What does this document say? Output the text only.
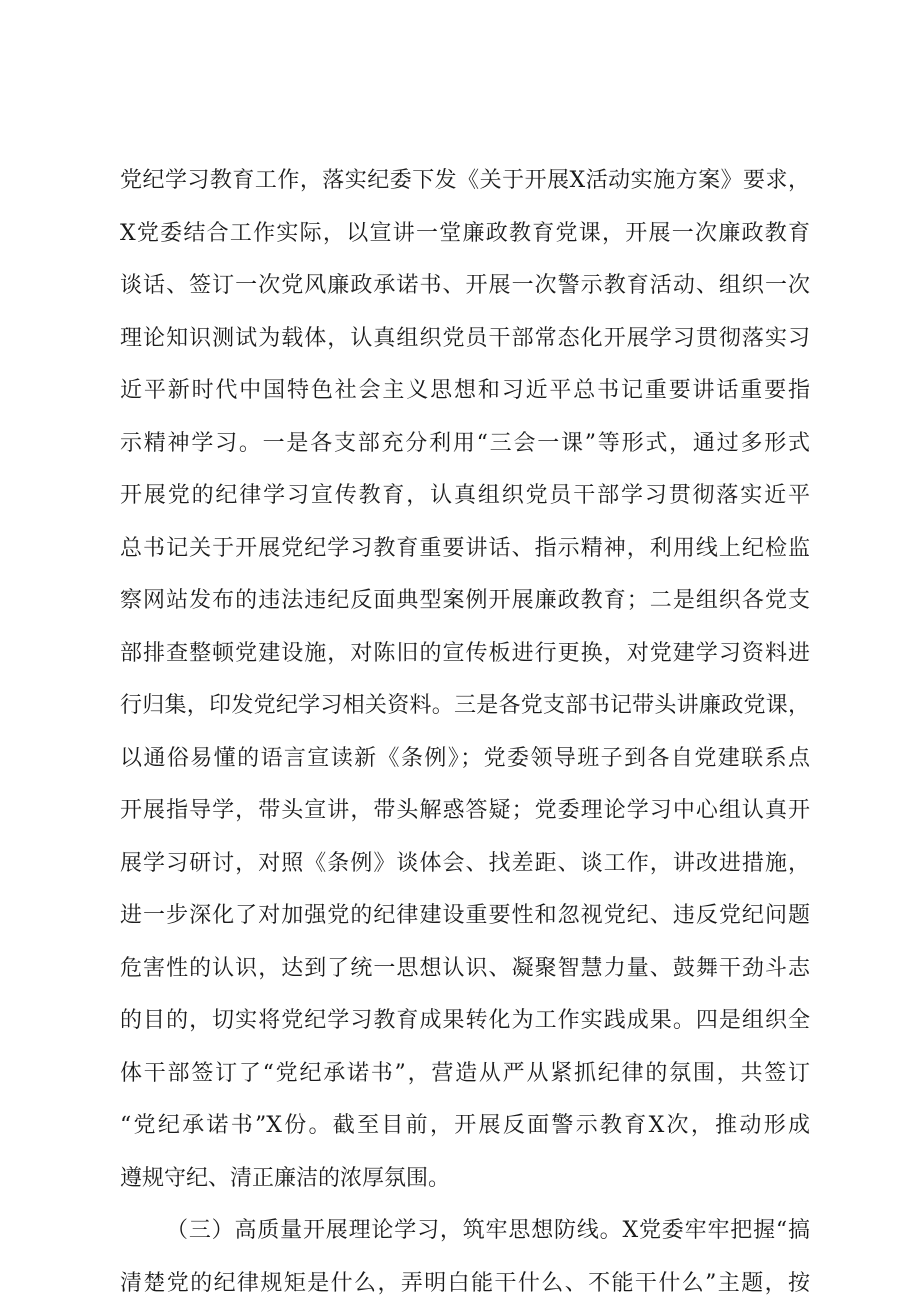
党纪学习教育工作，落实纪委下发《关于开展X活动实施方案》要求，
X党委结合工作实际，以宣讲一堂廉政教育党课，开展一次廉政教育
谈话、签订一次党风廉政承诺书、开展一次警示教育活动、组织一次
理论知识测试为载体，认真组织党员干部常态化开展学习贯彻落实习
近平新时代中国特色社会主义思想和习近平总书记重要讲话重要指
示精神学习。一是各支部充分利用“三会一课”等形式，通过多形式
开展党的纪律学习宣传教育，认真组织党员干部学习贯彻落实近平
总书记关于开展党纪学习教育重要讲话、指示精神，利用线上纪检监
察网站发布的违法违纪反面典型案例开展廉政教育；二是组织各党支
部排查整顿党建设施，对陈旧的宣传板进行更换，对党建学习资料进
行归集，印发党纪学习相关资料。三是各党支部书记带头讲廉政党课，
以通俗易懂的语言宣读新《条例》；党委领导班子到各自党建联系点
开展指导学，带头宣讲，带头解惑答疑；党委理论学习中心组认真开
展学习研讨，对照《条例》谈体会、找差距、谈工作，讲改进措施，
进一步深化了对加强党的纪律建设重要性和忽视党纪、违反党纪问题
危害性的认识，达到了统一思想认识、凝聚智慧力量、鼓舞干劲斗志
的目的，切实将党纪学习教育成果转化为工作实践成果。四是组织全
体干部签订了“党纪承诺书”，营造从严从紧抓纪律的氛围，共签订
“党纪承诺书”X份。截至目前，开展反面警示教育X次，推动形成
遵规守纪、清正廉洁的浓厚氛围。
（三）高质量开展理论学习，筑牢思想防线。X党委牢牢把握“搞
清楚党的纪律规矩是什么，弄明白能干什么、不能干什么”主题，按
